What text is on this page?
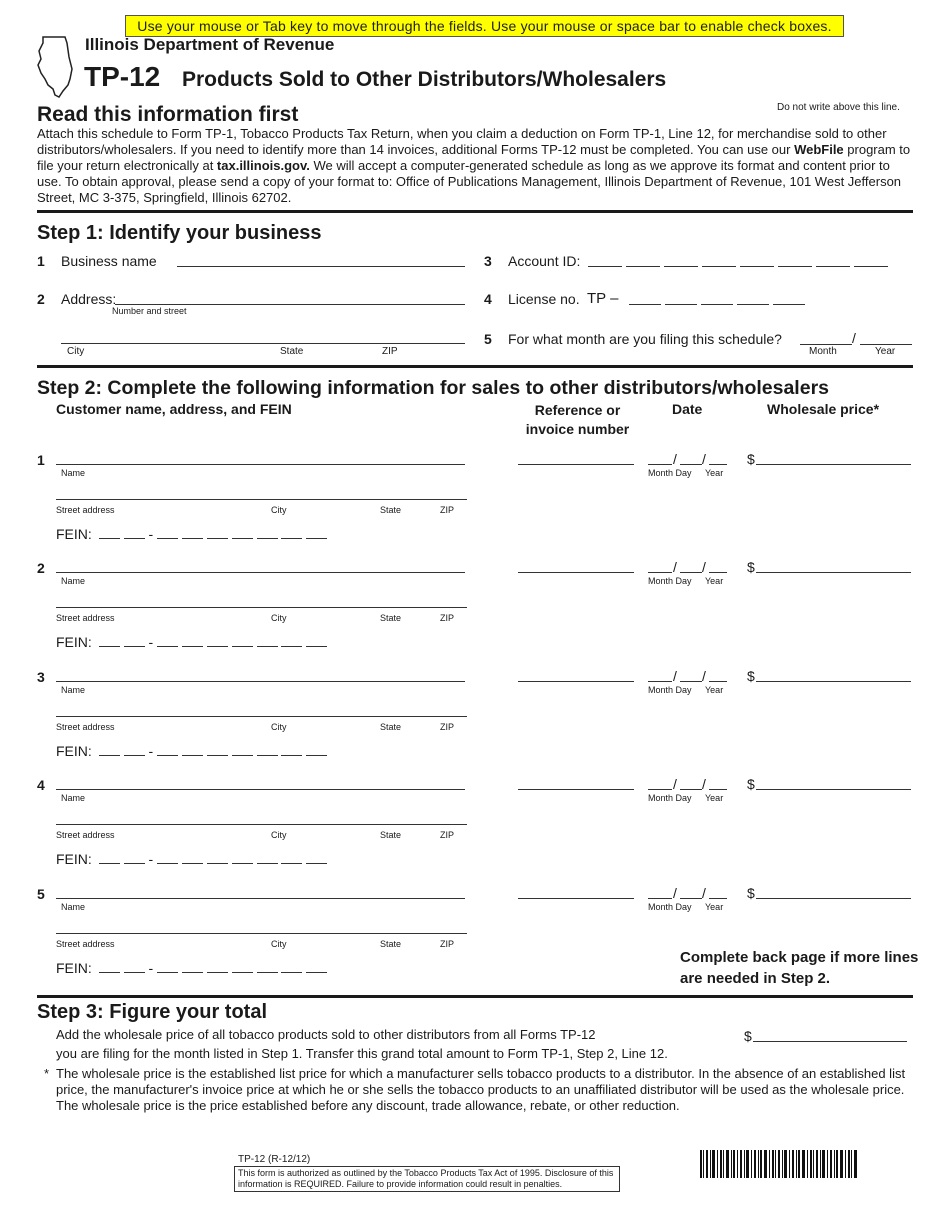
Use your mouse or Tab key to move through the fields. Use your mouse or space bar to enable check boxes.
Illinois Department of Revenue
TP-12 Products Sold to Other Distributors/Wholesalers
Do not write above this line.
Read this information first
Attach this schedule to Form TP-1, Tobacco Products Tax Return, when you claim a deduction on Form TP-1, Line 12, for merchandise sold to other distributors/wholesalers. If you need to identify more than 14 invoices, additional Forms TP-12 must be completed. You can use our WebFile program to file your return electronically at tax.illinois.gov. We will accept a computer-generated schedule as long as we approve its format and content prior to use. To obtain approval, please send a copy of your format to: Office of Publications Management, Illinois Department of Revenue, 101 West Jefferson Street, MC 3-375, Springfield, Illinois 62702.
Step 1: Identify your business
1 Business name
2 Address:
Number and street
City	State	ZIP
3 Account ID:
4 License no. TP –
5 For what month are you filing this schedule?	/
Month	Year
Step 2: Complete the following information for sales to other distributors/wholesalers
Customer name, address, and FEIN	Reference or invoice number
Date	Wholesale price*
1
Name
Street address	City	State	ZIP
FEIN:	-
/ /
Month Day Year
$
2
Name
Street address	City	State	ZIP
FEIN:	-
/ /
Month Day Year
$
3
Name
Street address	City	State	ZIP
FEIN:	-
/ /
Month Day Year
$
4
Name
Street address	City	State	ZIP
FEIN:	-
/ /
Month Day Year
$
5
Name
Street address	City	State	ZIP
FEIN:	-
/ /
Month Day Year
$
Complete back page if more lines are needed in Step 2.
Step 3: Figure your total
Add the wholesale price of all tobacco products sold to other distributors from all Forms TP-12
you are filing for the month listed in Step 1. Transfer this grand total amount to Form TP-1, Step 2, Line 12.
$
* The wholesale price is the established list price for which a manufacturer sells tobacco products to a distributor. In the absence of an established list price, the manufacturer's invoice price at which he or she sells the tobacco products to an unaffiliated distributor will be used as the wholesale price. The wholesale price is the price established before any discount, trade allowance, rebate, or other reduction.
TP-12 (R-12/12)
This form is authorized as outlined by the Tobacco Products Tax Act of 1995. Disclosure of this information is REQUIRED. Failure to provide information could result in penalties.
